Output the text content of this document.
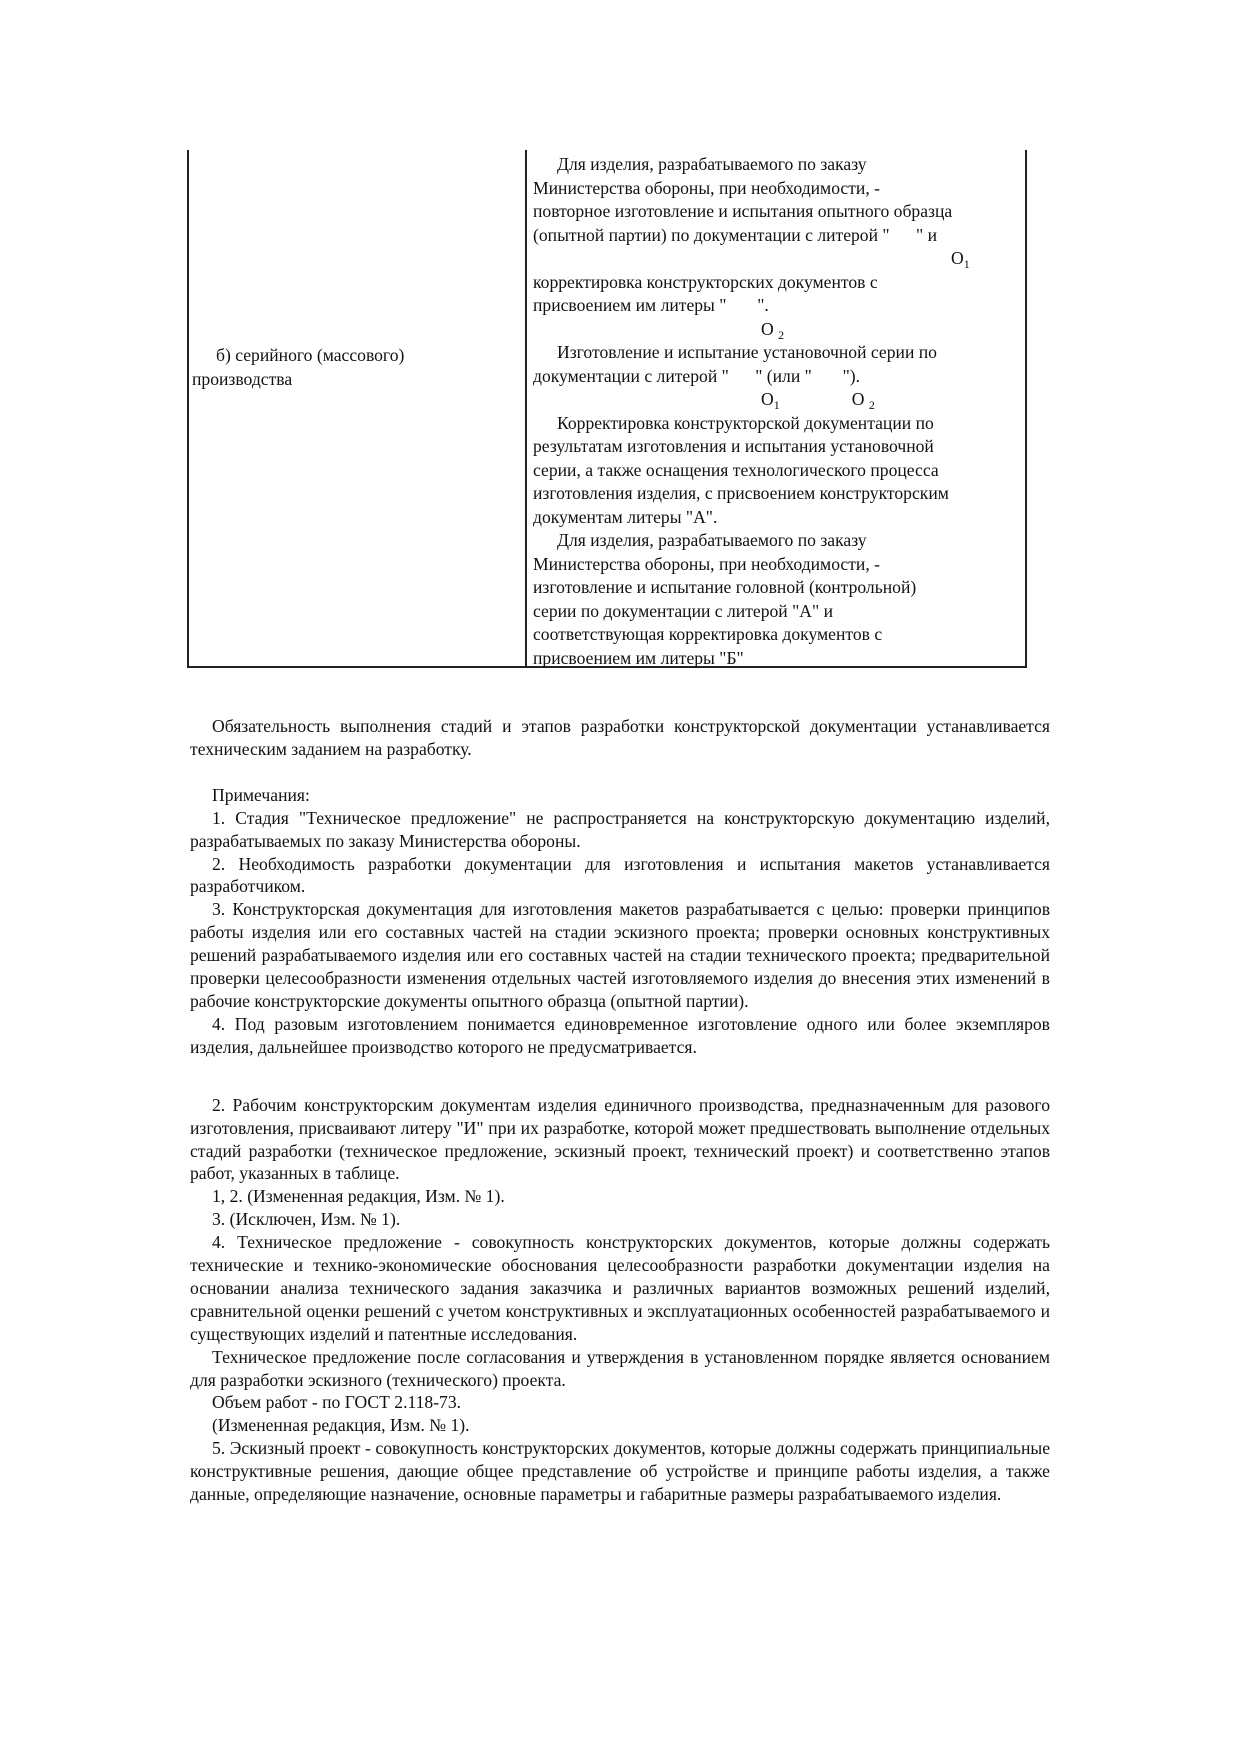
б) серийного (массового)
производства
Для изделия, разрабатываемого по заказу
Министерства обороны, при необходимости, -
повторное изготовление и испытания опытного образца
(опытной партии) по документации с литерой "      " и
$O_1$
корректировка конструкторских документов с
присвоением им литеры "       ".
O $_2$
Изготовление и испытание установочной серии по
документации с литерой "      " (или "       ").
$O_1$	O $_2$
Корректировка конструкторской документации по
результатам изготовления и испытания установочной
серии, а также оснащения технологического процесса
изготовления изделия, с присвоением конструкторским
документам литеры "А".
Для изделия, разрабатываемого по заказу
Министерства обороны, при необходимости, -
изготовление и испытание головной (контрольной)
серии по документации с литерой "А" и
соответствующая корректировка документов с
присвоением им литеры "Б"

Обязательность выполнения стадий и этапов разработки конструкторской документации устанавливается техническим заданием на разработку.

Примечания:

1. Стадия "Техническое предложение" не распространяется на конструкторскую документацию изделий, разрабатываемых по заказу Министерства обороны.

2. Необходимость разработки документации для изготовления и испытания макетов устанавливается разработчиком.

3. Конструкторская документация для изготовления макетов разрабатывается с целью: проверки принципов работы изделия или его составных частей на стадии эскизного проекта; проверки основных конструктивных решений разрабатываемого изделия или его составных частей на стадии технического проекта; предварительной проверки целесообразности изменения отдельных частей изготовляемого изделия до внесения этих изменений в рабочие конструкторские документы опытного образца (опытной партии).

4. Под разовым изготовлением понимается единовременное изготовление одного или более экземпляров изделия, дальнейшее производство которого не предусматривается.

2. Рабочим конструкторским документам изделия единичного производства, предназначенным для разового изготовления, присваивают литеру "И" при их разработке, которой может предшествовать выполнение отдельных стадий разработки (техническое предложение, эскизный проект, технический проект) и соответственно этапов работ, указанных в таблице.

1, 2. (Измененная редакция, Изм. № 1).

3. (Исключен, Изм. № 1).

4. Техническое предложение - совокупность конструкторских документов, которые должны содержать технические и технико-экономические обоснования целесообразности разработки документации изделия на основании анализа технического задания заказчика и различных вариантов возможных решений изделий, сравнительной оценки решений с учетом конструктивных и эксплуатационных особенностей разрабатываемого и существующих изделий и патентные исследования.

Техническое предложение после согласования и утверждения в установленном порядке является основанием для разработки эскизного (технического) проекта.

Объем работ - по ГОСТ 2.118-73.

(Измененная редакция, Изм. № 1).

5. Эскизный проект - совокупность конструкторских документов, которые должны содержать принципиальные конструктивные решения, дающие общее представление об устройстве и принципе работы изделия, а также данные, определяющие назначение, основные параметры и габаритные размеры разрабатываемого изделия.
